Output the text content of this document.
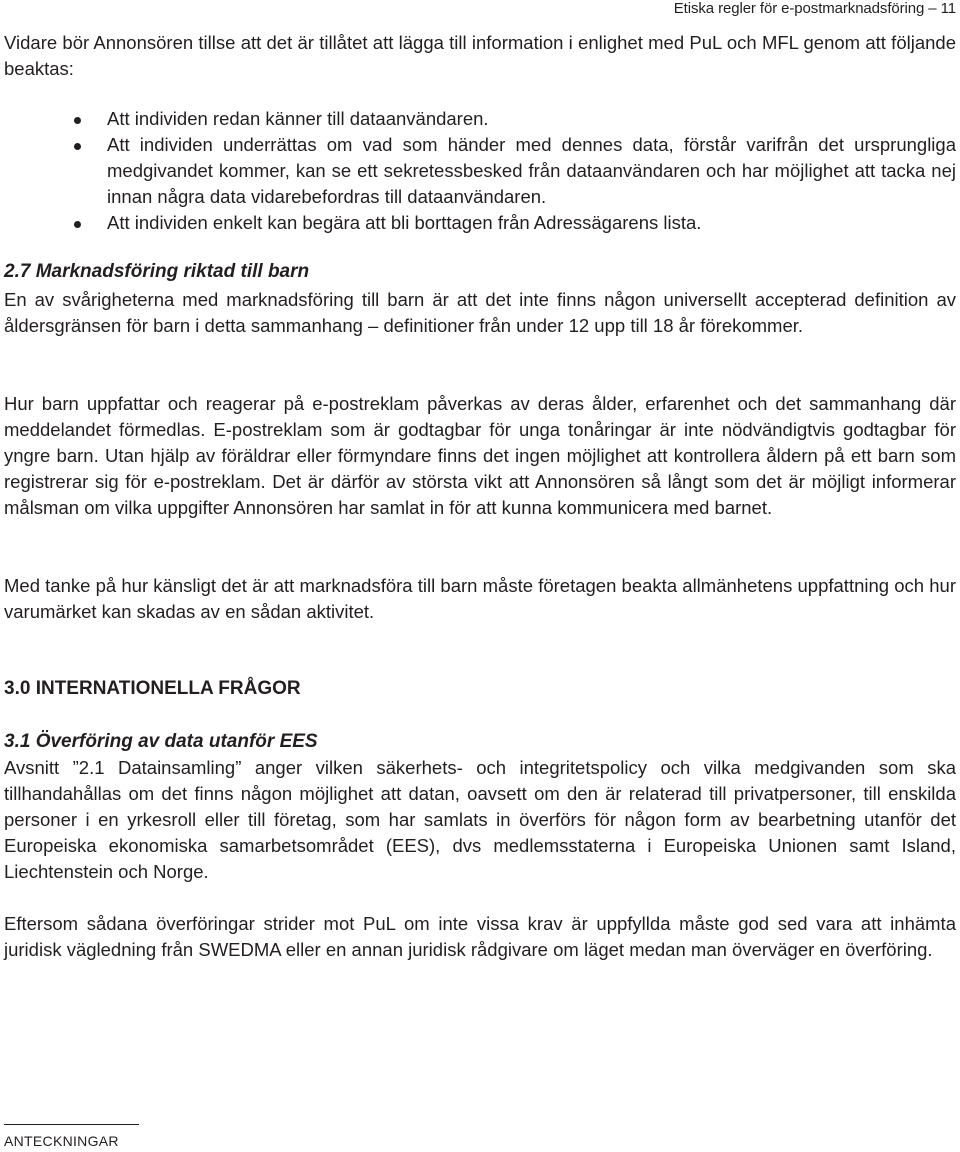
Etiska regler för e-postmarknadsföring – 11

Vidare bör Annonsören tillse att det är tillåtet att lägga till information i enlighet med PuL och MFL genom att följande beaktas:

Att individen redan känner till dataanvändaren.
Att individen underrättas om vad som händer med dennes data, förstår varifrån det ursprungliga medgivandet kommer, kan se ett sekretessbesked från dataanvändaren och har möjlighet att tacka nej innan några data vidarebefordras till dataanvändaren.
Att individen enkelt kan begära att bli borttagen från Adressägarens lista.
2.7 Marknadsföring riktad till barn

En av svårigheterna med marknadsföring till barn är att det inte finns någon universellt accepterad definition av åldersgränsen för barn i detta sammanhang – definitioner från under 12 upp till 18 år förekommer.

Hur barn uppfattar och reagerar på e-postreklam påverkas av deras ålder, erfarenhet och det sammanhang där meddelandet förmedlas. E-postreklam som är godtagbar för unga tonåringar är inte nödvändigtvis godtagbar för yngre barn. Utan hjälp av föräldrar eller förmyndare finns det ingen möjlighet att kontrollera åldern på ett barn som registrerar sig för e-postreklam. Det är därför av största vikt att Annonsören så långt som det är möjligt informerar målsman om vilka uppgifter Annonsören har samlat in för att kunna kommunicera med barnet.

Med tanke på hur känsligt det är att marknadsföra till barn måste företagen beakta allmänhetens uppfattning och hur varumärket kan skadas av en sådan aktivitet.

3.0 INTERNATIONELLA FRÅGOR
3.1 Överföring av data utanför EES

Avsnitt ”2.1 Datainsamling” anger vilken säkerhets- och integritetspolicy och vilka medgivanden som ska tillhandahållas om det finns någon möjlighet att datan, oavsett om den är relaterad till privatpersoner, till enskilda personer i en yrkesroll eller till företag, som har samlats in överförs för någon form av bearbetning utanför det Europeiska ekonomiska samarbetsområdet (EES), dvs medlemsstaterna i Europeiska Unionen samt Island, Liechtenstein och Norge.

Eftersom sådana överföringar strider mot PuL om inte vissa krav är uppfyllda måste god sed vara att inhämta juridisk vägledning från SWEDMA eller en annan juridisk rådgivare om läget medan man överväger en överföring.

ANTECKNINGAR
